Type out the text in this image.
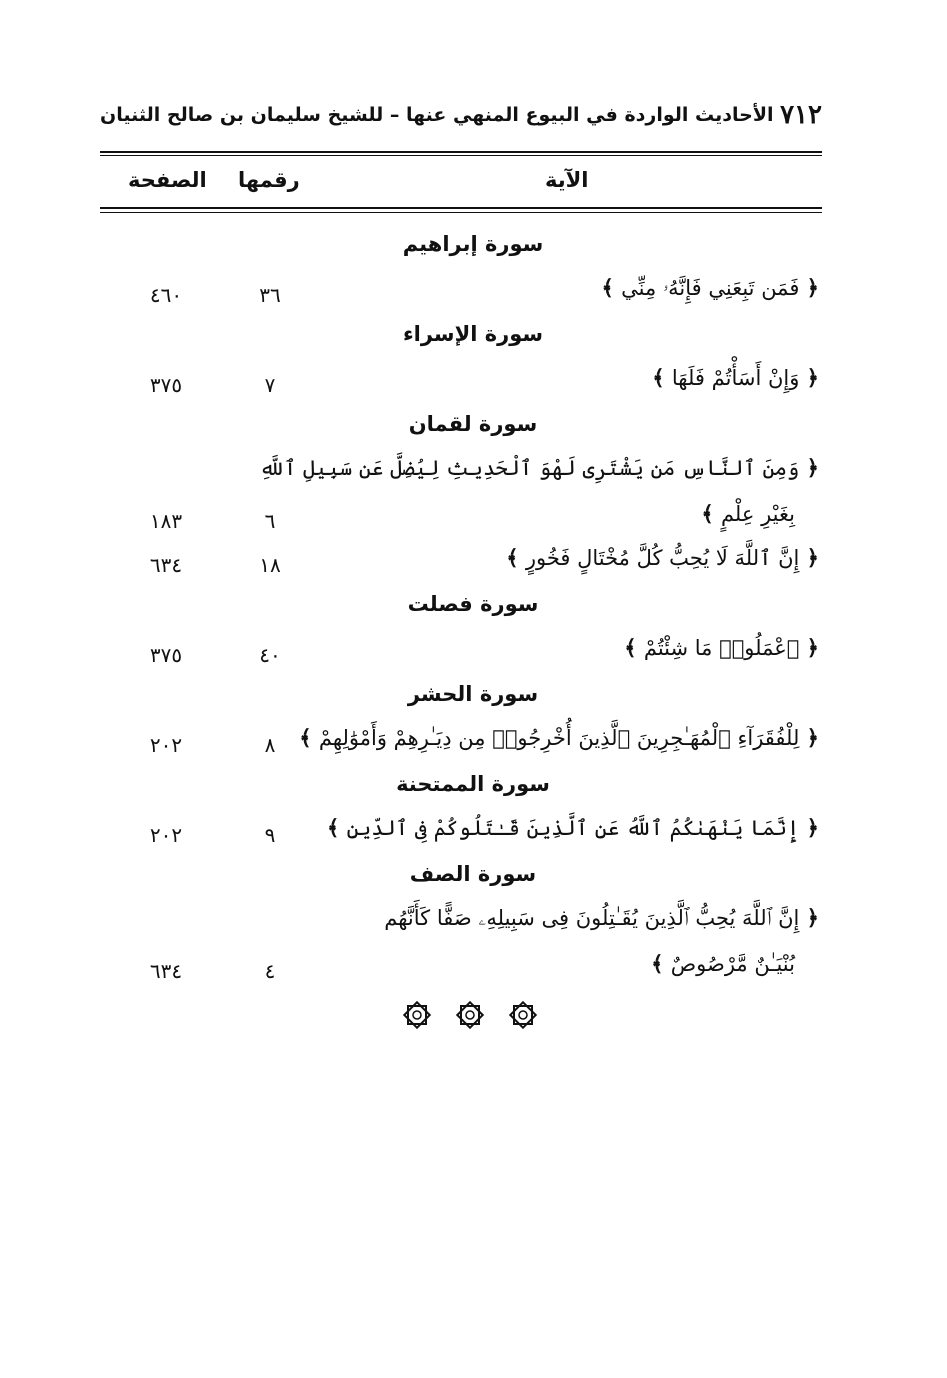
٧١٢
الأحاديث الواردة في البيوع المنهي عنها – للشيخ سليمان بن صالح الثنيان
الآية
رقمها
الصفحة
سورة إبراهيم
﴿ فَمَن تَبِعَنِي فَإِنَّهُۥ مِنِّي ﴾
٣٦
٤٦٠
سورة الإسراء
﴿ وَإِنْ أَسَأْتُمْ فَلَهَا ﴾
٧
٣٧٥
سورة لقمان
﴿ وَمِنَ ٱلنَّاسِ مَن يَشْتَرِى لَهْوَ ٱلْحَدِيثِ لِيُضِلَّ عَن سَبِيلِ ٱللَّهِ
بِغَيْرِ عِلْمٍ ﴾
٦
١٨٣
﴿ إِنَّ ٱللَّهَ لَا يُحِبُّ كُلَّ مُخْتَالٍ فَخُورٍ ﴾
١٨
٦٣٤
سورة فصلت
﴿ ٱعْمَلُوا۟ مَا شِئْتُمْ ﴾
٤٠
٣٧٥
سورة الحشر
﴿ لِلْفُقَرَآءِ ٱلْمُهَـٰجِرِينَ ٱلَّذِينَ أُخْرِجُوا۟ مِن دِيَـٰرِهِمْ وَأَمْوَٰلِهِمْ ﴾
٨
٢٠٢
سورة الممتحنة
﴿ إِنَّمَا يَنْهَىٰكُمُ ٱللَّهُ عَنِ ٱلَّذِينَ قَـٰتَلُوكُمْ فِى ٱلدِّينِ ﴾
٩
٢٠٢
سورة الصف
﴿ إِنَّ ٱللَّهَ يُحِبُّ ٱلَّذِينَ يُقَـٰتِلُونَ فِى سَبِيلِهِۦ صَفًّا كَأَنَّهُم
بُنْيَـٰنٌ مَّرْصُوصٌ ﴾
٤
٦٣٤
